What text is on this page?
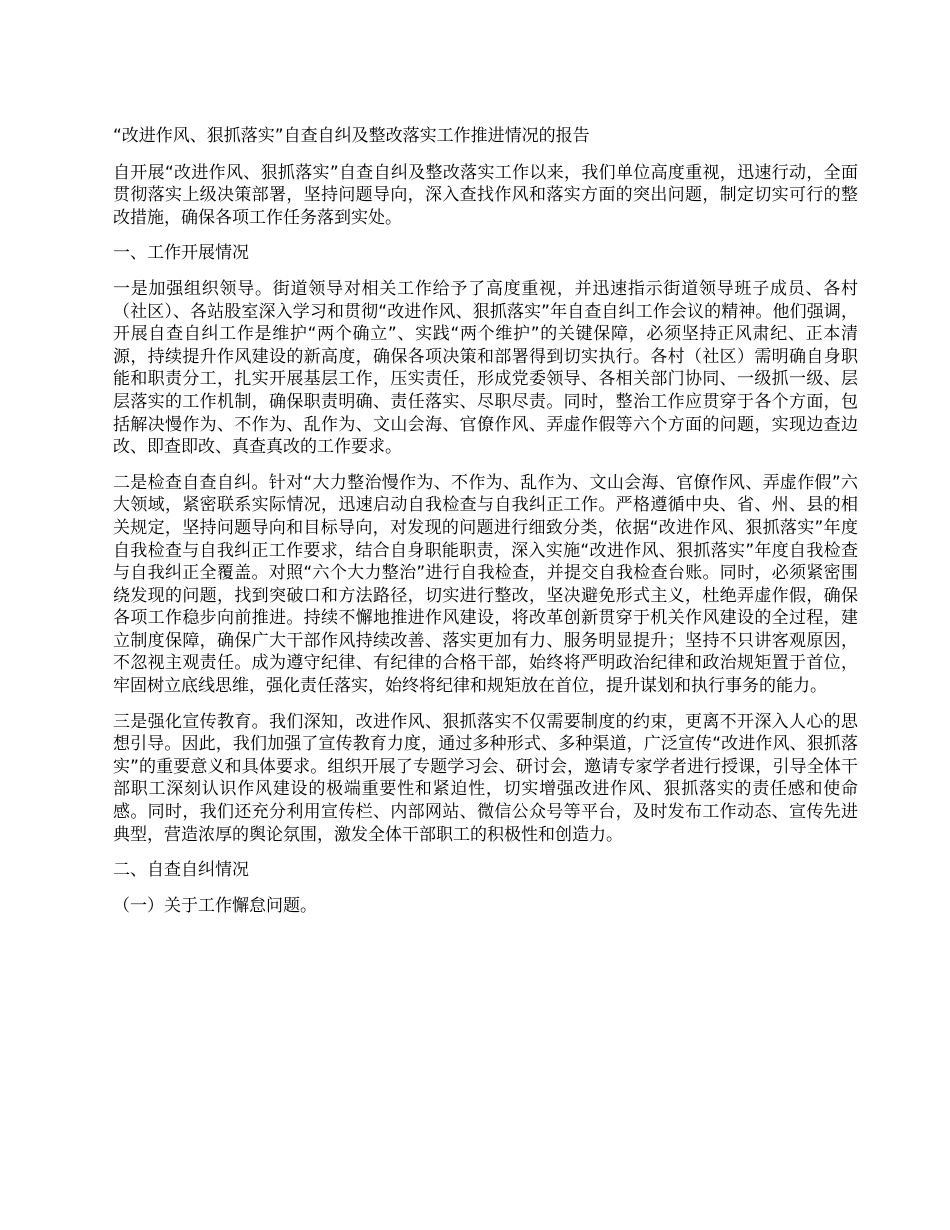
“改进作风、狠抓落实”自查自纠及整改落实工作推进情况的报告

自开展“改进作风、狠抓落实”自查自纠及整改落实工作以来，我们单位高度重视，迅速行动，全面贯彻落实上级决策部署，坚持问题导向，深入查找作风和落实方面的突出问题，制定切实可行的整改措施，确保各项工作任务落到实处。

一、工作开展情况

一是加强组织领导。街道领导对相关工作给予了高度重视，并迅速指示街道领导班子成员、各村（社区）、各站股室深入学习和贯彻“改进作风、狠抓落实”年自查自纠工作会议的精神。他们强调，开展自查自纠工作是维护“两个确立”、实践“两个维护”的关键保障，必须坚持正风肃纪、正本清源，持续提升作风建设的新高度，确保各项决策和部署得到切实执行。各村（社区）需明确自身职能和职责分工，扎实开展基层工作，压实责任，形成党委领导、各相关部门协同、一级抓一级、层层落实的工作机制，确保职责明确、责任落实、尽职尽责。同时，整治工作应贯穿于各个方面，包括解决慢作为、不作为、乱作为、文山会海、官僚作风、弄虚作假等六个方面的问题，实现边查边改、即查即改、真查真改的工作要求。

二是检查自查自纠。针对“大力整治慢作为、不作为、乱作为、文山会海、官僚作风、弄虚作假”六大领域，紧密联系实际情况，迅速启动自我检查与自我纠正工作。严格遵循中央、省、州、县的相关规定，坚持问题导向和目标导向，对发现的问题进行细致分类，依据“改进作风、狠抓落实”年度自我检查与自我纠正工作要求，结合自身职能职责，深入实施“改进作风、狠抓落实”年度自我检查与自我纠正全覆盖。对照“六个大力整治”进行自我检查，并提交自我检查台账。同时，必须紧密围绕发现的问题，找到突破口和方法路径，切实进行整改，坚决避免形式主义，杜绝弄虚作假，确保各项工作稳步向前推进。持续不懈地推进作风建设，将改革创新贯穿于机关作风建设的全过程，建立制度保障，确保广大干部作风持续改善、落实更加有力、服务明显提升；坚持不只讲客观原因，不忽视主观责任。成为遵守纪律、有纪律的合格干部，始终将严明政治纪律和政治规矩置于首位，牢固树立底线思维，强化责任落实，始终将纪律和规矩放在首位，提升谋划和执行事务的能力。

三是强化宣传教育。我们深知，改进作风、狠抓落实不仅需要制度的约束，更离不开深入人心的思想引导。因此，我们加强了宣传教育力度，通过多种形式、多种渠道，广泛宣传“改进作风、狠抓落实”的重要意义和具体要求。组织开展了专题学习会、研讨会，邀请专家学者进行授课，引导全体干部职工深刻认识作风建设的极端重要性和紧迫性，切实增强改进作风、狠抓落实的责任感和使命感。同时，我们还充分利用宣传栏、内部网站、微信公众号等平台，及时发布工作动态、宣传先进典型，营造浓厚的舆论氛围，激发全体干部职工的积极性和创造力。

二、自查自纠情况
（一）关于工作懈怠问题。
